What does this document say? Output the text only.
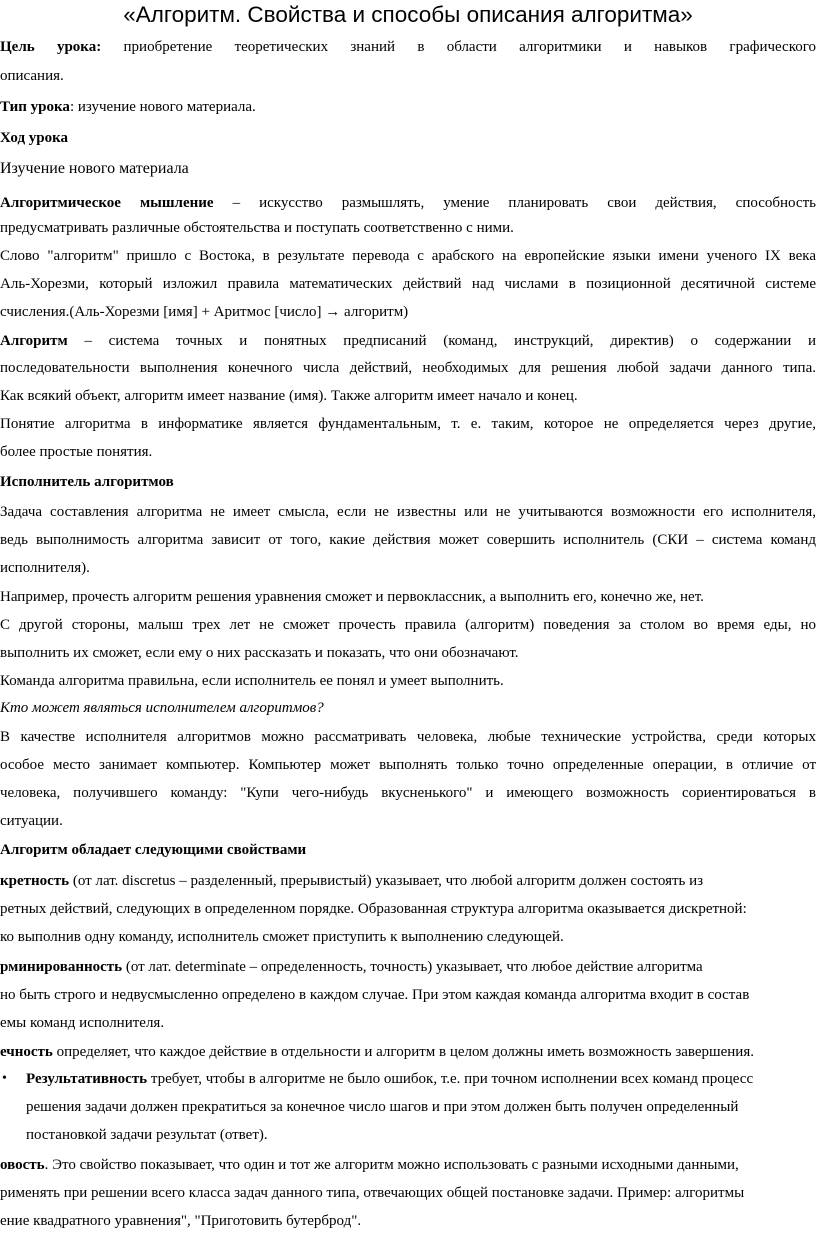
«Алгоритм. Свойства и способы описания алгоритма»
Цель урока: приобретение теоретических знаний в области алгоритмики и навыков графического
описания.
Тип урока: изучение нового материала.
Ход урока
Изучение нового материала
Алгоритмическое мышление – искусство размышлять, умение планировать свои действия, способность
предусматривать различные обстоятельства и поступать соответственно с ними.
Слово "алгоритм" пришло с Востока, в результате перевода с арабского на европейские языки имени ученого IX века
Аль-Хорезми, который изложил правила математических действий над числами в позиционной десятичной системе
счисления.(Аль-Хорезми [имя] + Аритмос [число] → алгоритм)
Алгоритм – система точных и понятных предписаний (команд, инструкций, директив) о содержании и
последовательности выполнения конечного числа действий, необходимых для решения любой задачи данного типа.
Как всякий объект, алгоритм имеет название (имя). Также алгоритм имеет начало и конец.
Понятие алгоритма в информатике является фундаментальным, т. е. таким, которое не определяется через другие,
более простые понятия.
Исполнитель алгоритмов
Задача составления алгоритма не имеет смысла, если не известны или не учитываются возможности его исполнителя,
ведь выполнимость алгоритма зависит от того, какие действия может совершить исполнитель (СКИ – система команд
исполнителя).
Например, прочесть алгоритм решения уравнения сможет и первоклассник, а выполнить его, конечно же, нет.
С другой стороны, малыш трех лет не сможет прочесть правила (алгоритм) поведения за столом во время еды, но
выполнить их сможет, если ему о них рассказать и показать, что они обозначают.
Команда алгоритма правильна, если исполнитель ее понял и умеет выполнить.
Кто может являться исполнителем алгоритмов?
В качестве исполнителя алгоритмов можно рассматривать человека, любые технические устройства, среди которых
особое место занимает компьютер. Компьютер может выполнять только точно определенные операции, в отличие от
человека, получившего команду: "Купи чего-нибудь вкусненького" и имеющего возможность сориентироваться в
ситуации.
Алгоритм обладает следующими свойствами
кретность (от лат. discretus – разделенный, прерывистый) указывает, что любой алгоритм должен состоять из
ретных действий, следующих в определенном порядке. Образованная структура алгоритма оказывается дискретной:
ко выполнив одну команду, исполнитель сможет приступить к выполнению следующей.
рминированность (от лат. determinate – определенность, точность) указывает, что любое действие алгоритма
но быть строго и недвусмысленно определено в каждом случае. При этом каждая команда алгоритма входит в состав
емы команд исполнителя.
ечность определяет, что каждое действие в отдельности и алгоритм в целом должны иметь возможность завершения.
• Результативность требует, чтобы в алгоритме не было ошибок, т.е. при точном исполнении всех команд процесс
решения задачи должен прекратиться за конечное число шагов и при этом должен быть получен определенный
постановкой задачи результат (ответ).
овость. Это свойство показывает, что один и тот же алгоритм можно использовать с разными исходными данными,
рименять при решении всего класса задач данного типа, отвечающих общей постановке задачи. Пример: алгоритмы
ение квадратного уравнения", "Приготовить бутерброд".
